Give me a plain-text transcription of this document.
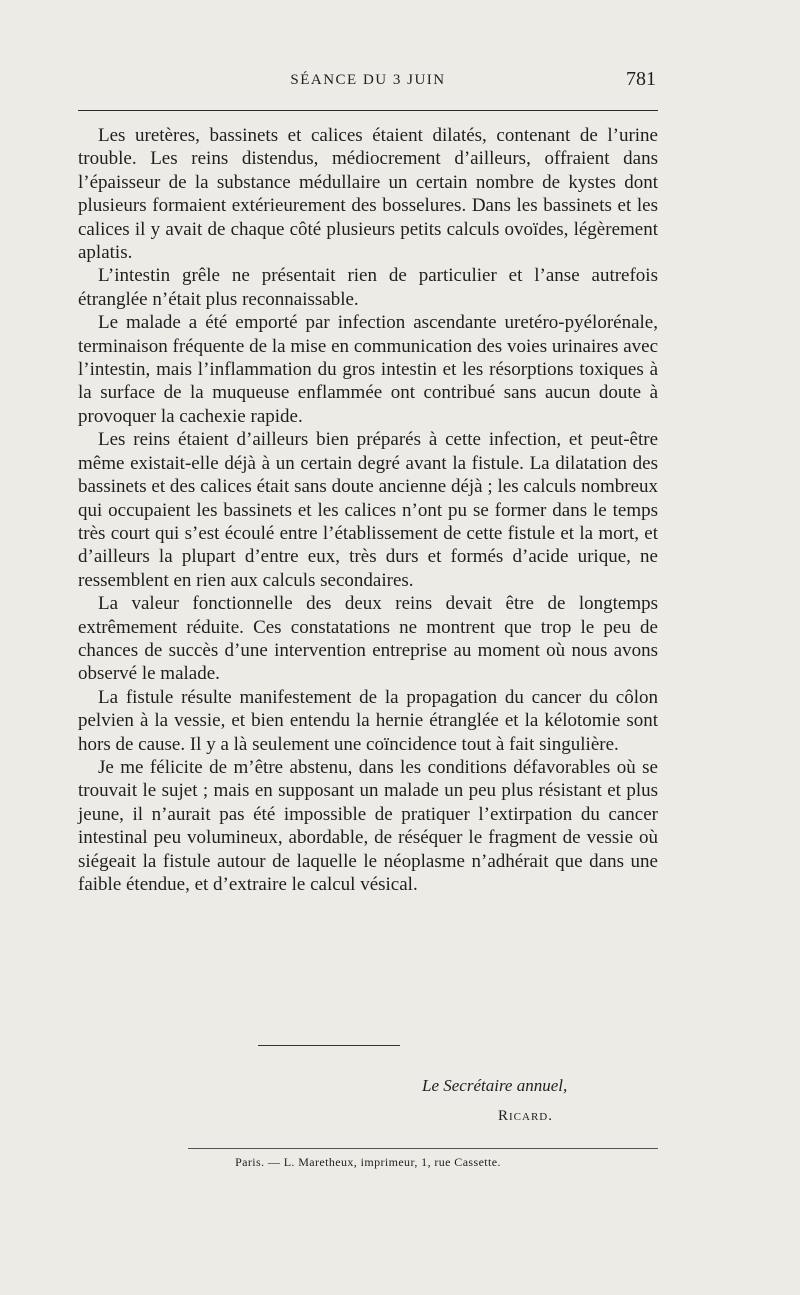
SÉANCE DU 3 JUIN	781

Les uretères, bassinets et calices étaient dilatés, contenant de l’urine trouble. Les reins distendus, médiocrement d’ailleurs, offraient dans l’épaisseur de la substance médullaire un certain nombre de kystes dont plusieurs formaient extérieurement des bosselures. Dans les bassinets et les calices il y avait de chaque côté plusieurs petits calculs ovoïdes, légèrement aplatis.

L’intestin grêle ne présentait rien de particulier et l’anse autrefois étranglée n’était plus reconnaissable.

Le malade a été emporté par infection ascendante uretéro-pyélorénale, terminaison fréquente de la mise en communication des voies urinaires avec l’intestin, mais l’inflammation du gros intestin et les résorptions toxiques à la surface de la muqueuse enflammée ont contribué sans aucun doute à provoquer la cachexie rapide.

Les reins étaient d’ailleurs bien préparés à cette infection, et peut-être même existait-elle déjà à un certain degré avant la fistule. La dilatation des bassinets et des calices était sans doute ancienne déjà ; les calculs nombreux qui occupaient les bassinets et les calices n’ont pu se former dans le temps très court qui s’est écoulé entre l’établissement de cette fistule et la mort, et d’ailleurs la plupart d’entre eux, très durs et formés d’acide urique, ne ressemblent en rien aux calculs secondaires.

La valeur fonctionnelle des deux reins devait être de longtemps extrêmement réduite. Ces constatations ne montrent que trop le peu de chances de succès d’une intervention entreprise au moment où nous avons observé le malade.

La fistule résulte manifestement de la propagation du cancer du côlon pelvien à la vessie, et bien entendu la hernie étranglée et la kélotomie sont hors de cause. Il y a là seulement une coïncidence tout à fait singulière.

Je me félicite de m’être abstenu, dans les conditions défavorables où se trouvait le sujet ; mais en supposant un malade un peu plus résistant et plus jeune, il n’aurait pas été impossible de pratiquer l’extirpation du cancer intestinal peu volumineux, abordable, de réséquer le fragment de vessie où siégeait la fistule autour de laquelle le néoplasme n’adhérait que dans une faible étendue, et d’extraire le calcul vésical.

Le Secrétaire annuel,
Ricard.
Paris. — L. Maretheux, imprimeur, 1, rue Cassette.
